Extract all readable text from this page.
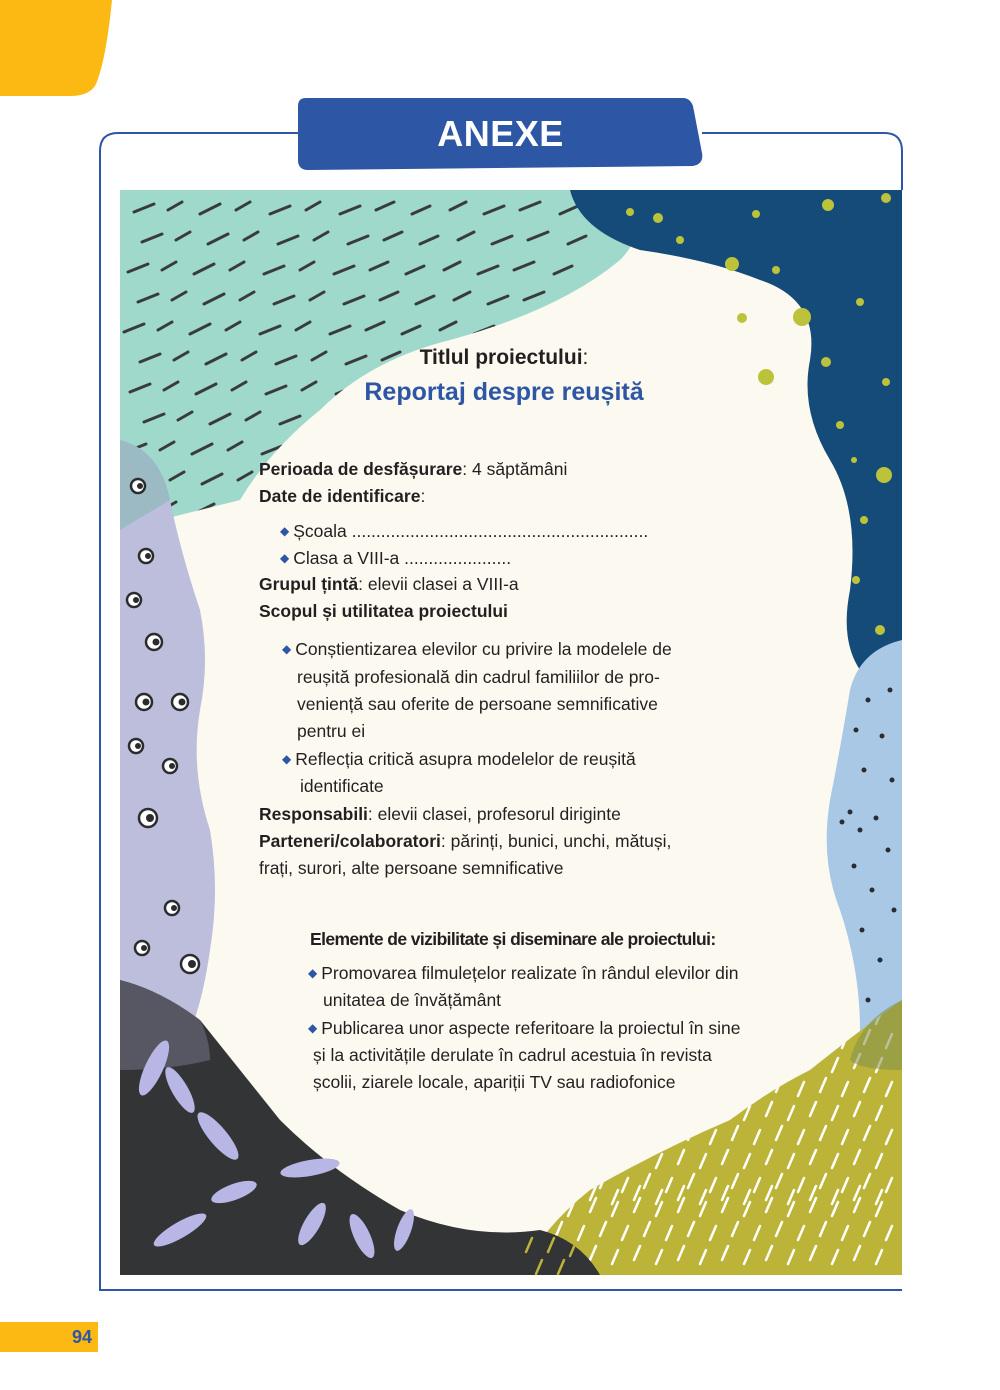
ANEXE
Titlul proiectului:
Reportaj despre reușită
Perioada de desfășurare: 4 săptămâni
Date de identificare:
◆ Școala .............................................................
◆ Clasa a VIII-a ......................
Grupul țintă: elevii clasei a VIII-a
Scopul și utilitatea proiectului
◆ Conștientizarea elevilor cu privire la modelele de
reușită profesională din cadrul familiilor de pro-
veniență sau oferite de persoane semnificative
pentru ei
◆ Reflecția critică asupra modelelor de reușită
identificate
Responsabili: elevii clasei, profesorul diriginte
Parteneri/colaboratori: părinți, bunici, unchi, mătuși,
frați, surori, alte persoane semnificative
Elemente de vizibilitate și diseminare ale proiectului:
◆ Promovarea filmulețelor realizate în rândul elevilor din
unitatea de învățământ
◆ Publicarea unor aspecte referitoare la proiectul în sine
și la activitățile derulate în cadrul acestuia în revista
școlii, ziarele locale, apariții TV sau radiofonice
94
